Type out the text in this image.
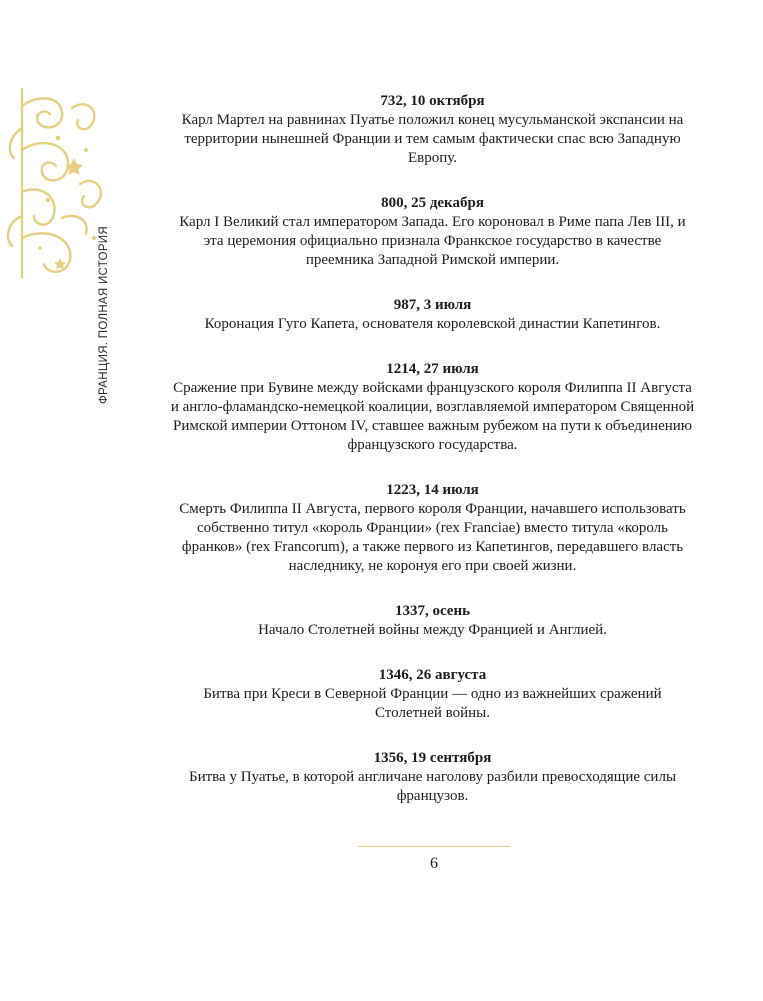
ФРАНЦИЯ. ПОЛНАЯ ИСТОРИЯ
732, 10 октября
Карл Мартел на равнинах Пуатье положил конец мусульманской экспансии на территории нынешней Франции и тем самым фактически спас всю Западную Европу.
800, 25 декабря
Карл I Великий стал императором Запада. Его короновал в Риме папа Лев III, и эта церемония официально признала Франкское государство в качестве преемника Западной Римской империи.
987, 3 июля
Коронация Гуго Капета, основателя королевской династии Капетингов.
1214, 27 июля
Сражение при Бувине между войсками французского короля Филиппа II Августа и англо-фламандско-немецкой коалиции, возглавляемой императором Священной Римской империи Оттоном IV, ставшее важным рубежом на пути к объединению французского государства.
1223, 14 июля
Смерть Филиппа II Августа, первого короля Франции, начавшего использовать собственно титул «король Франции» (rex Franciae) вместо титула «король франков» (rex Francorum), а также первого из Капетингов, передавшего власть наследнику, не коронуя его при своей жизни.
1337, осень
Начало Столетней войны между Францией и Англией.
1346, 26 августа
Битва при Креси в Северной Франции — одно из важнейших сражений Столетней войны.
1356, 19 сентября
Битва у Пуатье, в которой англичане наголову разбили превосходящие силы французов.
6
